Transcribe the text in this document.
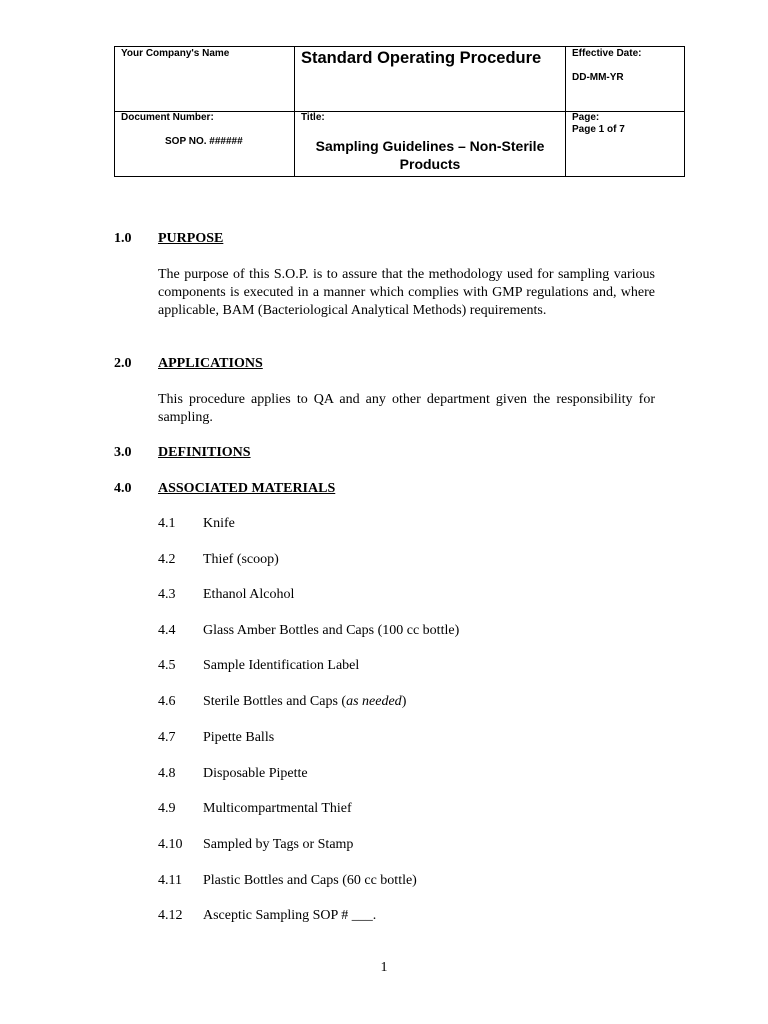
Your Company's Name	Standard Operating Procedure	Effective Date:
DD-MM-YR
Document Number:
SOP NO. ######
Title:
Sampling Guidelines – Non-Sterile Products
Page:
Page 1 of 7
1.0 PURPOSE

The purpose of this S.O.P. is to assure that the methodology used for sampling various components is executed in a manner which complies with GMP regulations and, where applicable, BAM (Bacteriological Analytical Methods) requirements.

2.0 APPLICATIONS

This procedure applies to QA and any other department given the responsibility for sampling.

3.0 DEFINITIONS
4.0 ASSOCIATED MATERIALS
4.1 Knife
4.2 Thief (scoop)
4.3 Ethanol Alcohol
4.4 Glass Amber Bottles and Caps (100 cc bottle)
4.5 Sample Identification Label
4.6 Sterile Bottles and Caps (as needed)
4.7 Pipette Balls
4.8 Disposable Pipette
4.9 Multicompartmental Thief
4.10 Sampled by Tags or Stamp
4.11 Plastic Bottles and Caps (60 cc bottle)
4.12 Asceptic Sampling SOP # ___.
1
